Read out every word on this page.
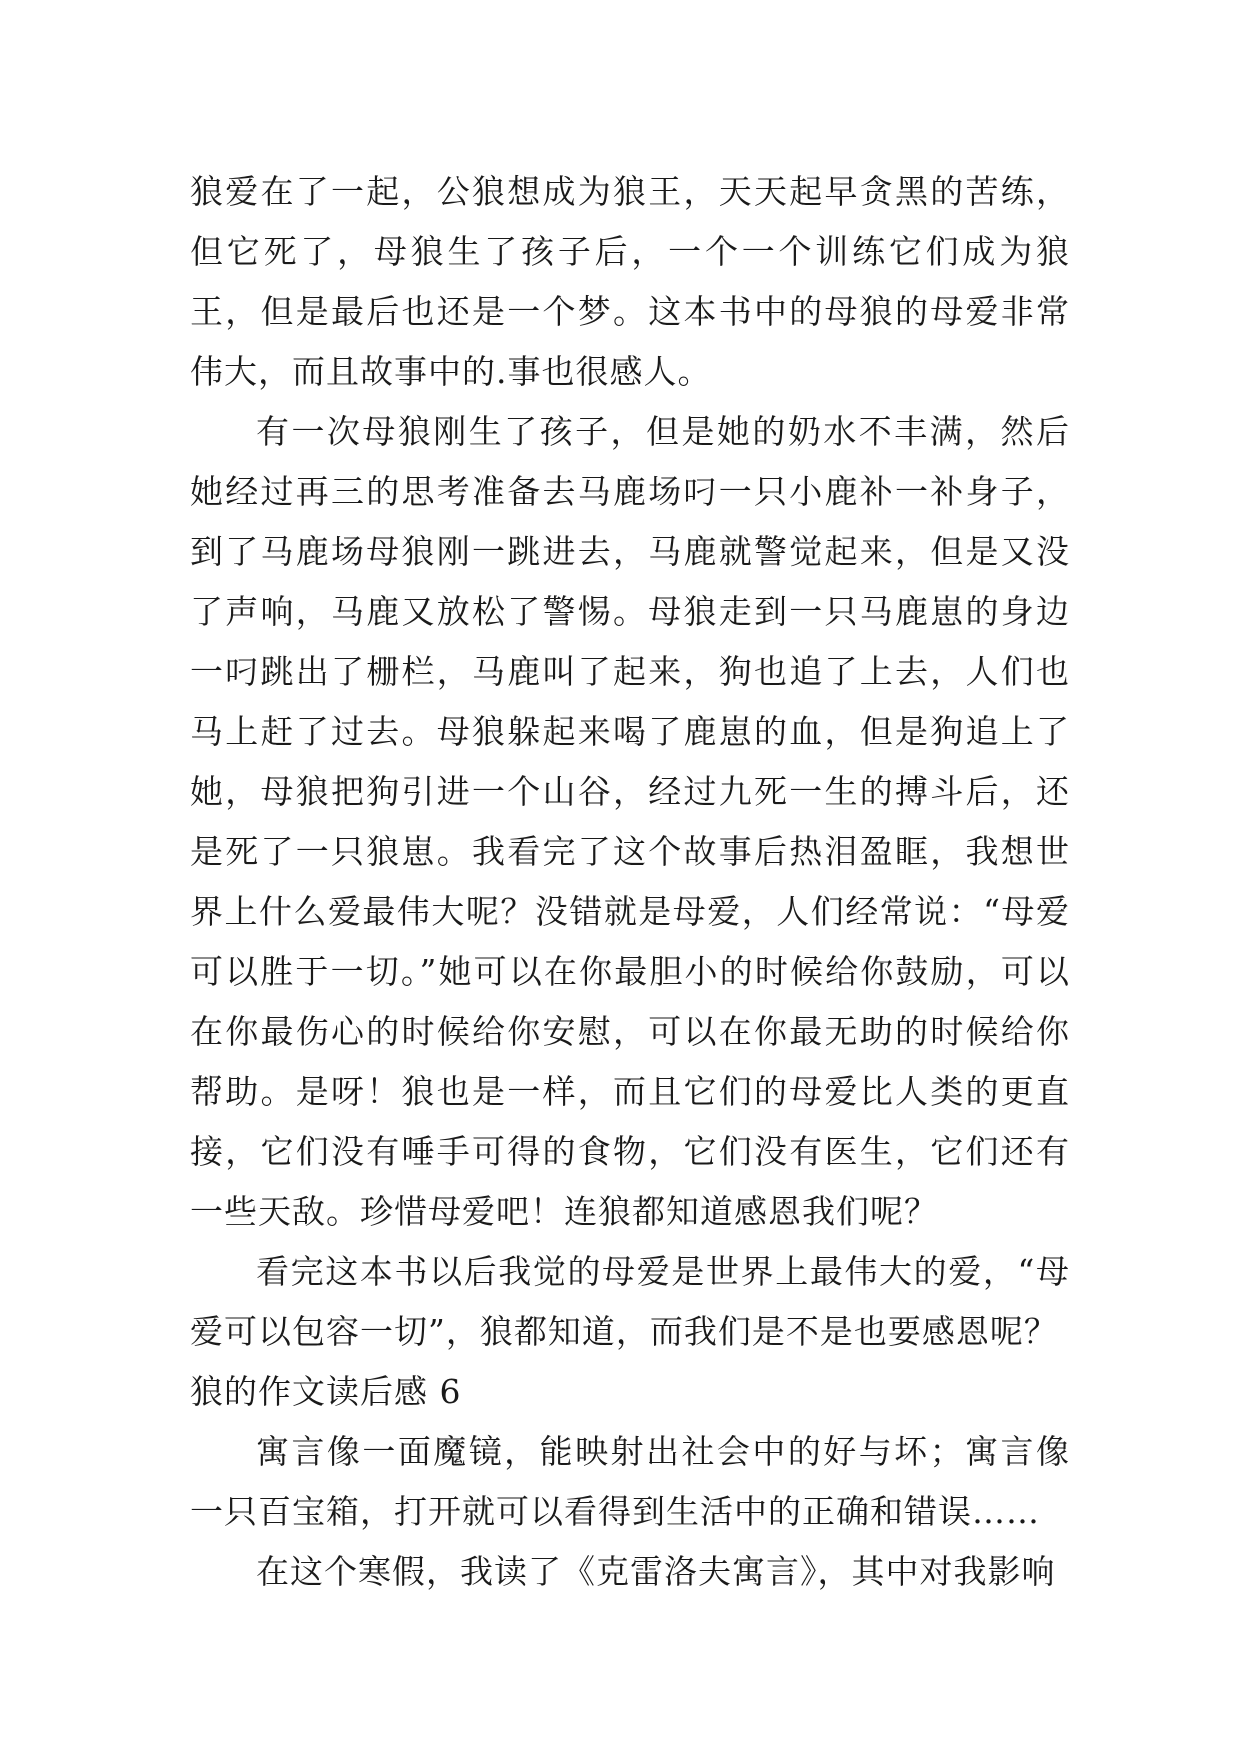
狼爱在了一起，公狼想成为狼王，天天起早贪黑的苦练，但它死了，母狼生了孩子后，一个一个训练它们成为狼王，但是最后也还是一个梦。这本书中的母狼的母爱非常伟大，而且故事中的.事也很感人。

有一次母狼刚生了孩子，但是她的奶水不丰满，然后她经过再三的思考准备去马鹿场叼一只小鹿补一补身子，到了马鹿场母狼刚一跳进去，马鹿就警觉起来，但是又没了声响，马鹿又放松了警惕。母狼走到一只马鹿崽的身边一叼跳出了栅栏，马鹿叫了起来，狗也追了上去，人们也马上赶了过去。母狼躲起来喝了鹿崽的血，但是狗追上了她，母狼把狗引进一个山谷，经过九死一生的搏斗后，还是死了一只狼崽。我看完了这个故事后热泪盈眶，我想世界上什么爱最伟大呢？没错就是母爱，人们经常说：“母爱可以胜于一切。”她可以在你最胆小的时候给你鼓励，可以在你最伤心的时候给你安慰，可以在你最无助的时候给你帮助。是呀！狼也是一样，而且它们的母爱比人类的更直接，它们没有唾手可得的食物，它们没有医生，它们还有一些天敌。珍惜母爱吧！连狼都知道感恩我们呢？

看完这本书以后我觉的母爱是世界上最伟大的爱，“母爱可以包容一切”，狼都知道，而我们是不是也要感恩呢？

狼的作文读后感 6

寓言像一面魔镜，能映射出社会中的好与坏；寓言像一只百宝箱，打开就可以看得到生活中的正确和错误……

在这个寒假，我读了《克雷洛夫寓言》，其中对我影响
